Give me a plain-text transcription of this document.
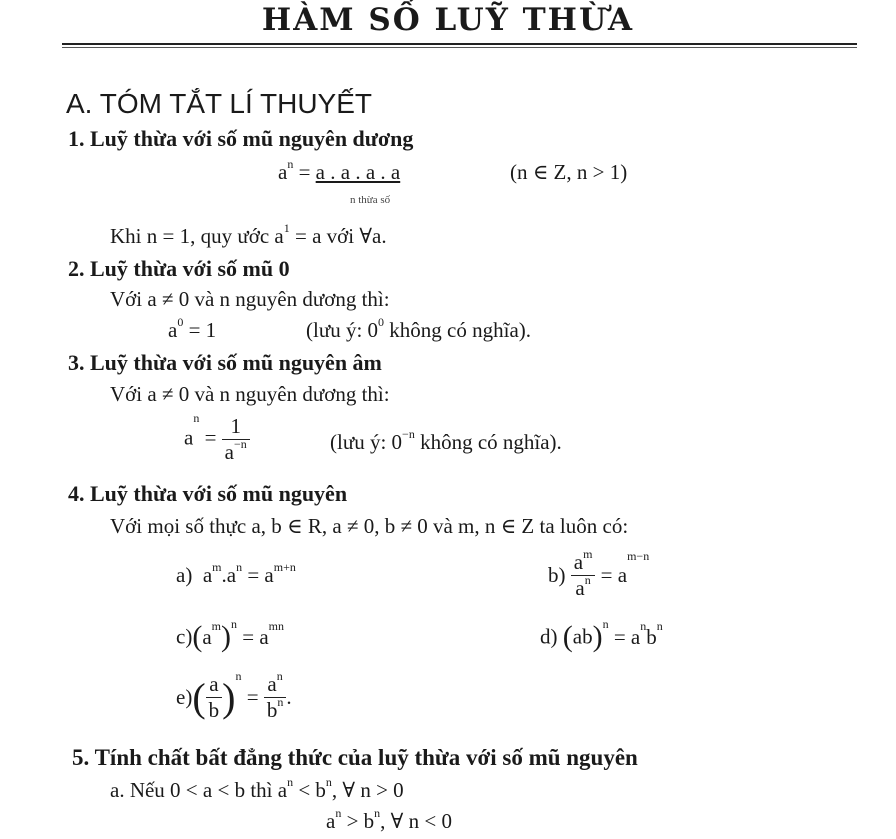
HÀM SỐ LUỸ THỪA
A. TÓM TẮT LÍ THUYẾT
1. Luỹ thừa với số mũ nguyên dương
$a^n = a$ . a . a . a
n thừa số
(n ∈ Z, n > 1)
Khi n = 1, quy ước $a^1 = a$ với ∀a.
2. Luỹ thừa với số mũ 0
Với a ≠ 0 và n nguyên dương thì:
$a^0 = 1$	(lưu ý: $0^0$ không có nghĩa).
3. Luỹ thừa với số mũ nguyên âm
Với a ≠ 0 và n nguyên dương thì:
$a^n = \frac{1}{a^{-n}}$	(lưu ý: $0^{-n}$ không có nghĩa).
4. Luỹ thừa với số mũ nguyên
Với mọi số thực a, b ∈ R, a ≠ 0, b ≠ 0 và m, n ∈ Z ta luôn có:
a)  $a^m.a^n = a^{m+n}$	$b) \frac{a^m}{a^n} = a^{m-n}$
$c)(a^m)^n = a^{mn}$	d) $(ab)^n = a^nb^n$
$e)( \frac{a}{b} )^n = \frac{a^n}{b^n}$ .
5. Tính chất bất đẳng thức của luỹ thừa với số mũ nguyên
a. Nếu 0 < a < b thì $a^n < b^n$, ∀ n > 0
$a^n > b^n$, ∀ n < 0
